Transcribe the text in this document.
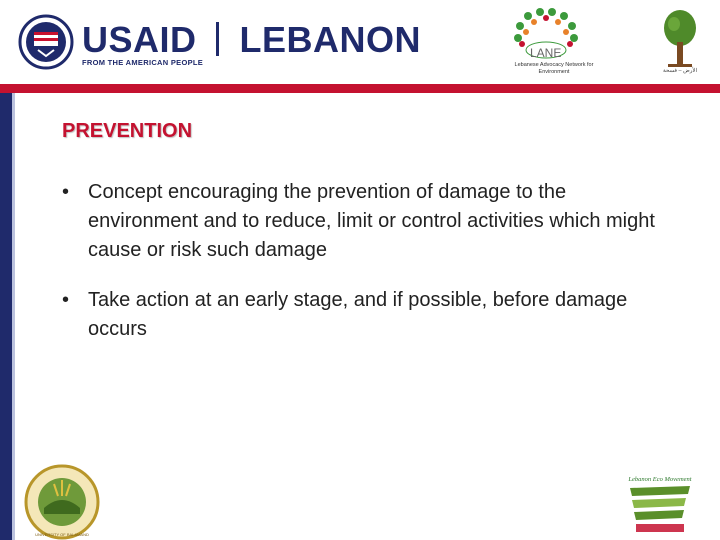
USAID LEBANON
FROM THE AMERICAN PEOPLE
LANE
Lebanese Advocacy Network for Environment	الأرض – فسحة
PREVENTION
• Concept encouraging the prevention of damage to the environment and to reduce, limit or control activities which might cause or risk such damage
• Take action at an early stage, and if possible, before damage occurs
UNIVERSITY OF BALAMAND
Lebanon Eco Movement
